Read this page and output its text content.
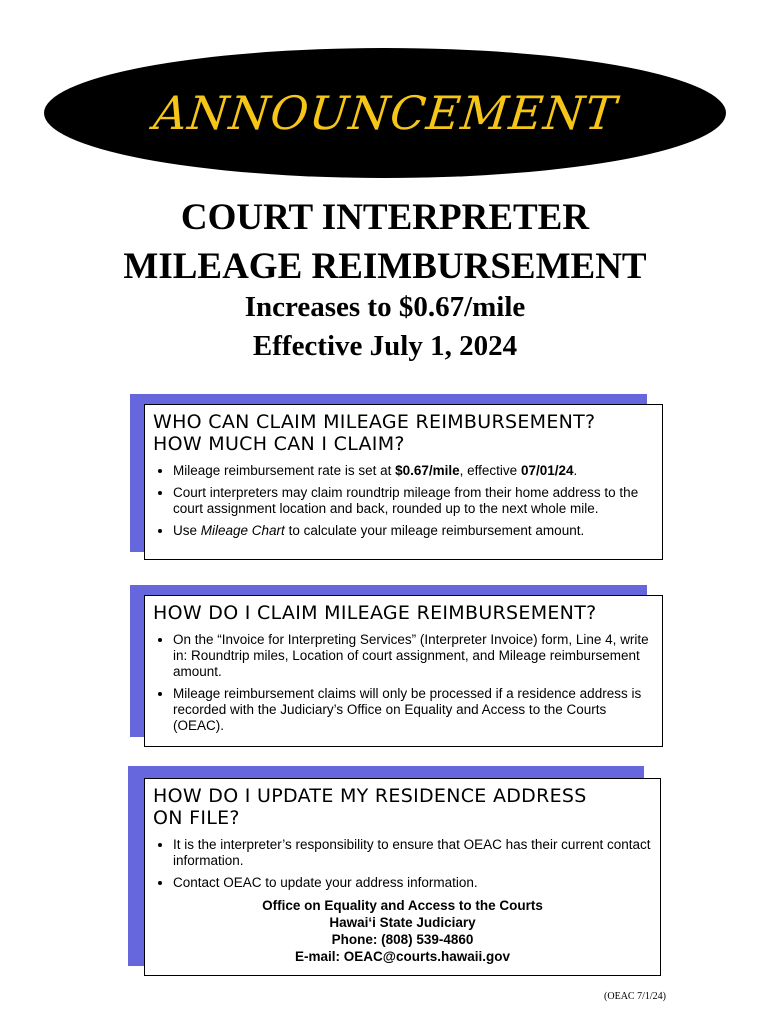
ANNOUNCEMENT
COURT INTERPRETER
MILEAGE REIMBURSEMENT
Increases to $0.67/mile
Effective July 1, 2024
WHO CAN CLAIM MILEAGE REIMBURSEMENT?
HOW MUCH CAN I CLAIM?
• Mileage reimbursement rate is set at $0.67/mile, effective 07/01/24.
• Court interpreters may claim roundtrip mileage from their home address to the court assignment location and back, rounded up to the next whole mile.
• Use Mileage Chart to calculate your mileage reimbursement amount.
HOW DO I CLAIM MILEAGE REIMBURSEMENT?
• On the “Invoice for Interpreting Services” (Interpreter Invoice) form, Line 4, write in: Roundtrip miles, Location of court assignment, and Mileage reimbursement amount.
• Mileage reimbursement claims will only be processed if a residence address is recorded with the Judiciary’s Office on Equality and Access to the Courts (OEAC).
HOW DO I UPDATE MY RESIDENCE ADDRESS
ON FILE?
• It is the interpreter’s responsibility to ensure that OEAC has their current contact information.
• Contact OEAC to update your address information.
Office on Equality and Access to the Courts
Hawaiʻi State Judiciary
Phone: (808) 539-4860
E-mail: OEAC@courts.hawaii.gov
(OEAC 7/1/24)
